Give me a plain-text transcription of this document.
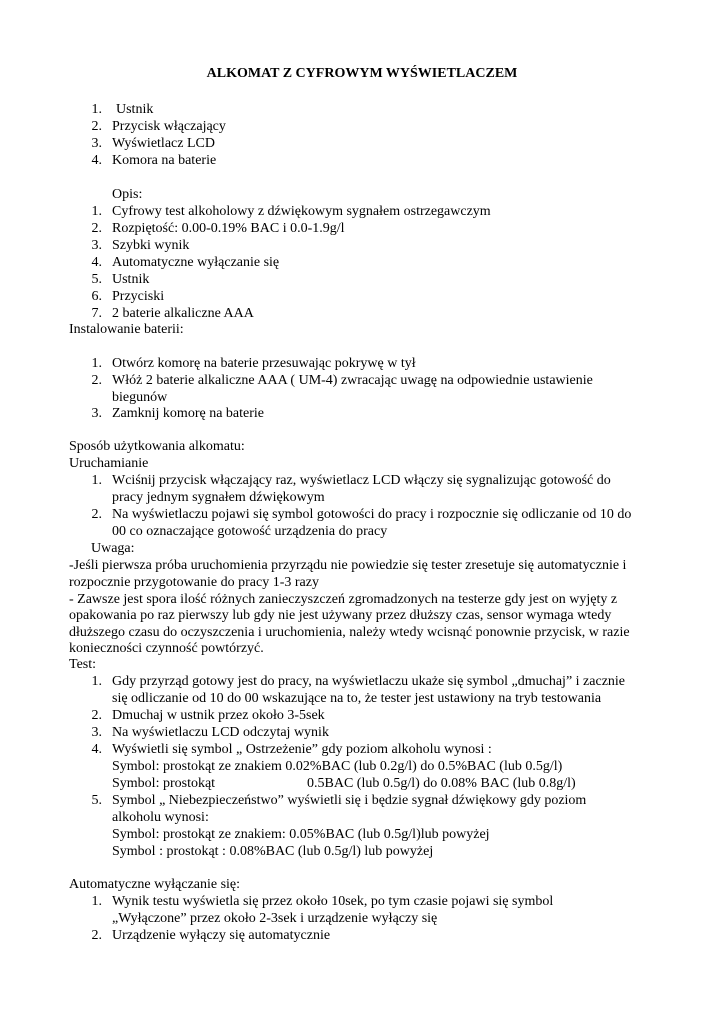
ALKOMAT Z CYFROWYM WYŚWIETLACZEM
1. Ustnik
2. Przycisk włączający
3. Wyświetlacz LCD
4. Komora na baterie
Opis:
1. Cyfrowy test alkoholowy z dźwiękowym sygnałem ostrzegawczym
2. Rozpiętość: 0.00-0.19% BAC i 0.0-1.9g/l
3. Szybki wynik
4. Automatyczne wyłączanie się
5. Ustnik
6. Przyciski
7. 2 baterie alkaliczne AAA
Instalowanie baterii:
1. Otwórz komorę na baterie przesuwając pokrywę w tył
2. Włóż 2 baterie alkaliczne AAA ( UM-4) zwracając uwagę na odpowiednie ustawienie
biegunów
3. Zamknij komorę na baterie
Sposób użytkowania alkomatu:
Uruchamianie
1. Wciśnij przycisk włączający raz, wyświetlacz LCD włączy się sygnalizując gotowość do
pracy jednym sygnałem dźwiękowym
2. Na wyświetlaczu pojawi się symbol gotowości do pracy i rozpocznie się odliczanie od 10 do
00 co oznaczające gotowość urządzenia do pracy
Uwaga:
-Jeśli pierwsza próba uruchomienia przyrządu nie powiedzie się tester zresetuje się automatycznie i
rozpocznie przygotowanie do pracy 1-3 razy
- Zawsze jest spora ilość różnych zanieczyszczeń zgromadzonych na testerze gdy jest on wyjęty z
opakowania po raz pierwszy lub gdy nie jest używany przez dłuższy czas, sensor wymaga wtedy
dłuższego czasu do oczyszczenia i uruchomienia, należy wtedy wcisnąć ponownie przycisk, w razie
konieczności czynność powtórzyć.
Test:
1. Gdy przyrząd gotowy jest do pracy, na wyświetlaczu ukaże się symbol „dmuchaj” i zacznie
się odliczanie od 10 do 00 wskazujące na to, że tester jest ustawiony na tryb testowania
2. Dmuchaj w ustnik przez około 3-5sek
3. Na wyświetlaczu LCD odczytaj wynik
4. Wyświetli się symbol „ Ostrzeżenie” gdy poziom alkoholu wynosi :
Symbol: prostokąt ze znakiem 0.02%BAC (lub 0.2g/l) do 0.5%BAC (lub 0.5g/l)
Symbol: prostokąt	0.5BAC (lub 0.5g/l) do 0.08% BAC (lub 0.8g/l)
5. Symbol „ Niebezpieczeństwo” wyświetli się i będzie sygnał dźwiękowy gdy poziom
alkoholu wynosi:
Symbol: prostokąt ze znakiem: 0.05%BAC (lub 0.5g/l)lub powyżej
Symbol : prostokąt : 0.08%BAC (lub 0.5g/l) lub powyżej
Automatyczne wyłączanie się:
1. Wynik testu wyświetla się przez około 10sek, po tym czasie pojawi się symbol
„Wyłączone” przez około 2-3sek i urządzenie wyłączy się
2. Urządzenie wyłączy się automatycznie
